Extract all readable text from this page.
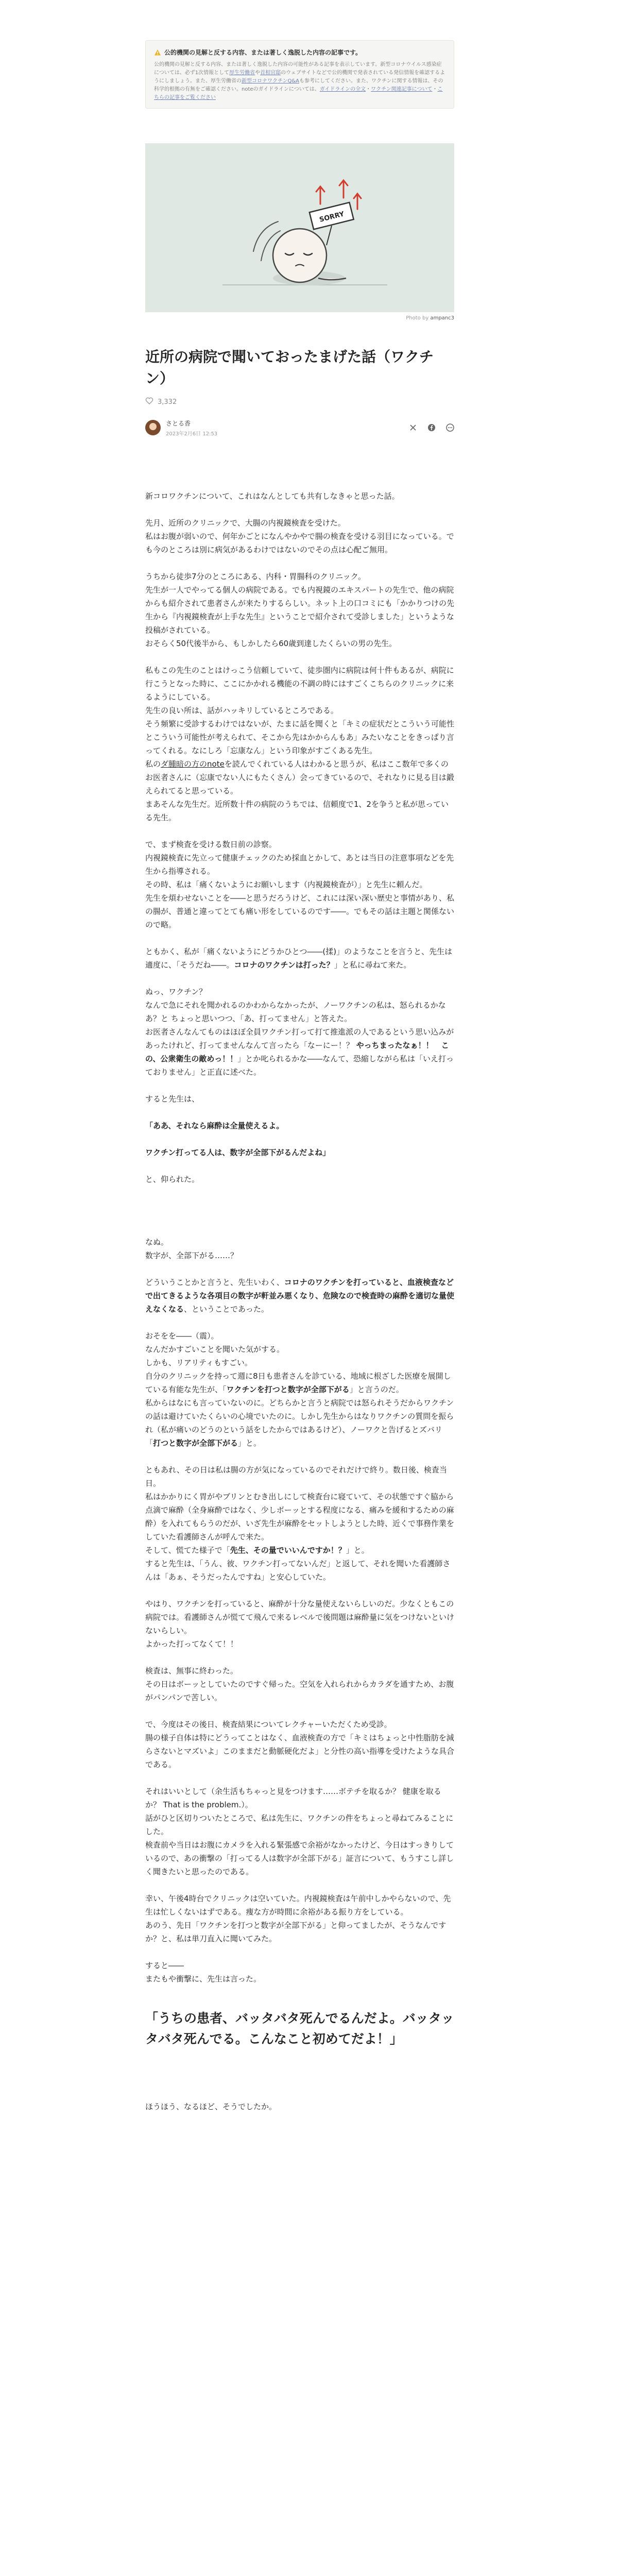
公的機関の見解と反する内容、または著しく逸脱した内容の記事です。

公的機関の見解と反する内容、または著しく逸脱した内容の可能性がある記事を表示しています。新型コロナウイルス感染症については、必ず1次情報として厚生労働省や首相官邸のウェブサイトなどで公的機関で発表されている発信情報を確認するようにしましょう。また、厚生労働省の新型コロナワクチンQ&Aも参考にしてください。また、ワクチンに関する情報は、その科学的根拠の有無をご確認ください。noteのガイドラインについては、ガイドラインの全文・ワクチン関連記事について・こちらの記事をご覧ください

SORRY
Photo by ampanc3
近所の病院で聞いておったまげた話（ワクチン）
3,332
さとる香
2023年2月6日 12:53

新コロワクチンについて、これはなんとしても共有しなきゃと思った話。

先月、近所のクリニックで、大腸の内視鏡検査を受けた。
私はお腹が弱いので、何年かごとになんやかやで腸の検査を受ける羽目になっている。でも今のところは別に病気があるわけではないのでその点は心配ご無用。

うちから徒歩7分のところにある、内科・胃腸科のクリニック。
先生が一人でやってる個人の病院である。でも内視鏡のエキスパートの先生で、他の病院からも紹介されて患者さんが来たりするらしい。ネット上の口コミにも「かかりつけの先生から『内視鏡検査が上手な先生』ということで紹介されて受診しました」というような投稿がされている。
おそらく50代後半から、もしかしたら60歳到達したくらいの男の先生。

私もこの先生のことはけっこう信頼していて、徒歩圏内に病院は何十件もあるが、病院に行こうとなった時に、ここにかかれる機能の不調の時にはすごくこちらのクリニックに来るようにしている。
先生の良い所は、話がハッキリしているところである。
そう頻繁に受診するわけではないが、たまに話を聞くと「キミの症状だとこういう可能性とこういう可能性が考えられて、そこから先はかからんもあ」みたいなことをきっぱり言ってくれる。なにしろ「忘康なん」という印象がすごくある先生。
私のダ腫暗の方のnoteを読んでくれている人はわかると思うが、私はここ数年で多くのお医者さんに（忘康でない人にもたくさん）会ってきているので、それなりに見る目は鍛えられてると思っている。
まあそんな先生だ。近所数十件の病院のうちでは、信頼度で1、2を争うと私が思っている先生。

で、まず検査を受ける数日前の診察。
内視鏡検査に先立って健康チェックのため採血とかして、あとは当日の注意事項などを先生から指導される。
その時、私は「痛くないようにお願いします（内視鏡検査が）」と先生に頼んだ。
先生を煩わせないことを――と思うだろうけど、これには深い深い歴史と事情があり、私の腸が、普通と違ってとても痛い形をしているのです――。でもその話は主題と関係ないので略。

ともかく、私が「痛くないようにどうかひとつ――(揉)」のようなことを言うと、先生は適度に、「そうだね――。コロナのワクチンは打った？」と私に尋ねて来た。

ぬっ、ワクチン？
なんで急にそれを聞かれるのかわからなかったが、ノーワクチンの私は、怒られるかな あ？と ちょっと思いつつ、「あ、打ってません」と答えた。
お医者さんなんてものはほぼ全員ワクチン打って打て推進派の人であるという思い込みがあったけれど、打ってませんなんて言ったら「なーにー！？ やっちまったなぁ！！　この、公衆衛生の敵めっ！！」とか叱られるかな――なんて、恐縮しながら私は「いえ打っておりません」と正直に述べた。

すると先生は、

「ああ、それなら麻酔は全量使えるよ。

ワクチン打ってる人は、数字が全部下がるんだよね」

と、仰られた。

なぬ。
数字が、全部下がる……？

どういうことかと言うと、先生いわく、コロナのワクチンを打っていると、血液検査などで出てきるような各項目の数字が軒並み悪くなり、危険なので検査時の麻酔を適切な量使えなくなる、ということであった。

おそをを――（震）。
なんだかすごいことを聞いた気がする。
しかも、リアリティもすごい。
自分のクリニックを持って週に8日も患者さんを診ている、地域に根ざした医療を展開している有能な先生が、「ワクチンを打つと数字が全部下がる」と言うのだ。
私からはなにも言っていないのに。どちらかと言うと病院では怒られそうだからワクチンの話は避けていたくらいの心境でいたのに。しかし先生からはなりワクチンの質問を振られ（私が痛いのどうのという話をしたからではあるけど）、ノーワクと告げるとズバリ「打つと数字が全部下がる」と。

ともあれ、その日は私は腸の方が気になっているのでそれだけで終り。数日後、検査当日。
私はかかりにく胃がやブリンとむき出しにして検査台に寝ていて、その状態ですぐ脇から点滴で麻酔（全身麻酔ではなく、少しボーッとする程度になる、痛みを緩和するための麻酔）を入れてもらうのだが、いざ先生が麻酔をセットしようとした時、近くで事務作業をしていた看護師さんが呼んで来た。
そして、慌てた様子で「先生、その量でいいんですか！？」と。
すると先生は、「うん、彼、ワクチン打ってないんだ」と返して、それを聞いた看護師さんは「あぁ、そうだったんですね」と安心していた。

やはり、ワクチンを打っていると、麻酔が十分な量使えないらしいのだ。少なくともこの病院では。看護師さんが慌てて飛んで来るレベルで後問題は麻酔量に気をつけないといけないらしい。
よかった打ってなくて！！

検査は、無事に終わった。
その日はボーッとしていたのですぐ帰った。空気を入れられからカラダを通すため、お腹がパンパンで苦しい。

で、今度はその後日、検査結果についてレクチャーいただくため受診。
腸の様子自体は特にどうってことはなく、血液検査の方で「キミはちょっと中性脂肪を減らさないとマズいよ」このままだと動脈硬化だよ」と分性の高い指導を受けたような具合である。

それはいいとして（余生活もちゃっと見をつけます……ボテチを取るか？ 健康を取るか？ That is the problem.）。
話がひと区切りついたところで、私は先生に、ワクチンの件をちょっと尋ねてみることにした。
検査前や当日はお腹にカメラを入れる緊張感で余裕がなかったけど、今日はすっきりしているので、あの衝撃の「打ってる人は数字が全部下がる」証言について、もうすこし詳しく聞きたいと思ったのである。

幸い、午後4時台でクリニックは空いていた。内視鏡検査は午前中しかやらないので、先生は忙しくないはずである。痩な方が時間に余裕がある振り方をしている。
あのう、先日「ワクチンを打つと数字が全部下がる」と仰ってましたが、そうなんですか？と、私は単刀直入に聞いてみた。

すると――
またもや衝撃に、先生は言った。

「うちの患者、バッタバタ死んでるんだよ。バッタッタバタ死んでる。こんなこと初めてだよ！」

ほうほう、なるほど、そうでしたか。
